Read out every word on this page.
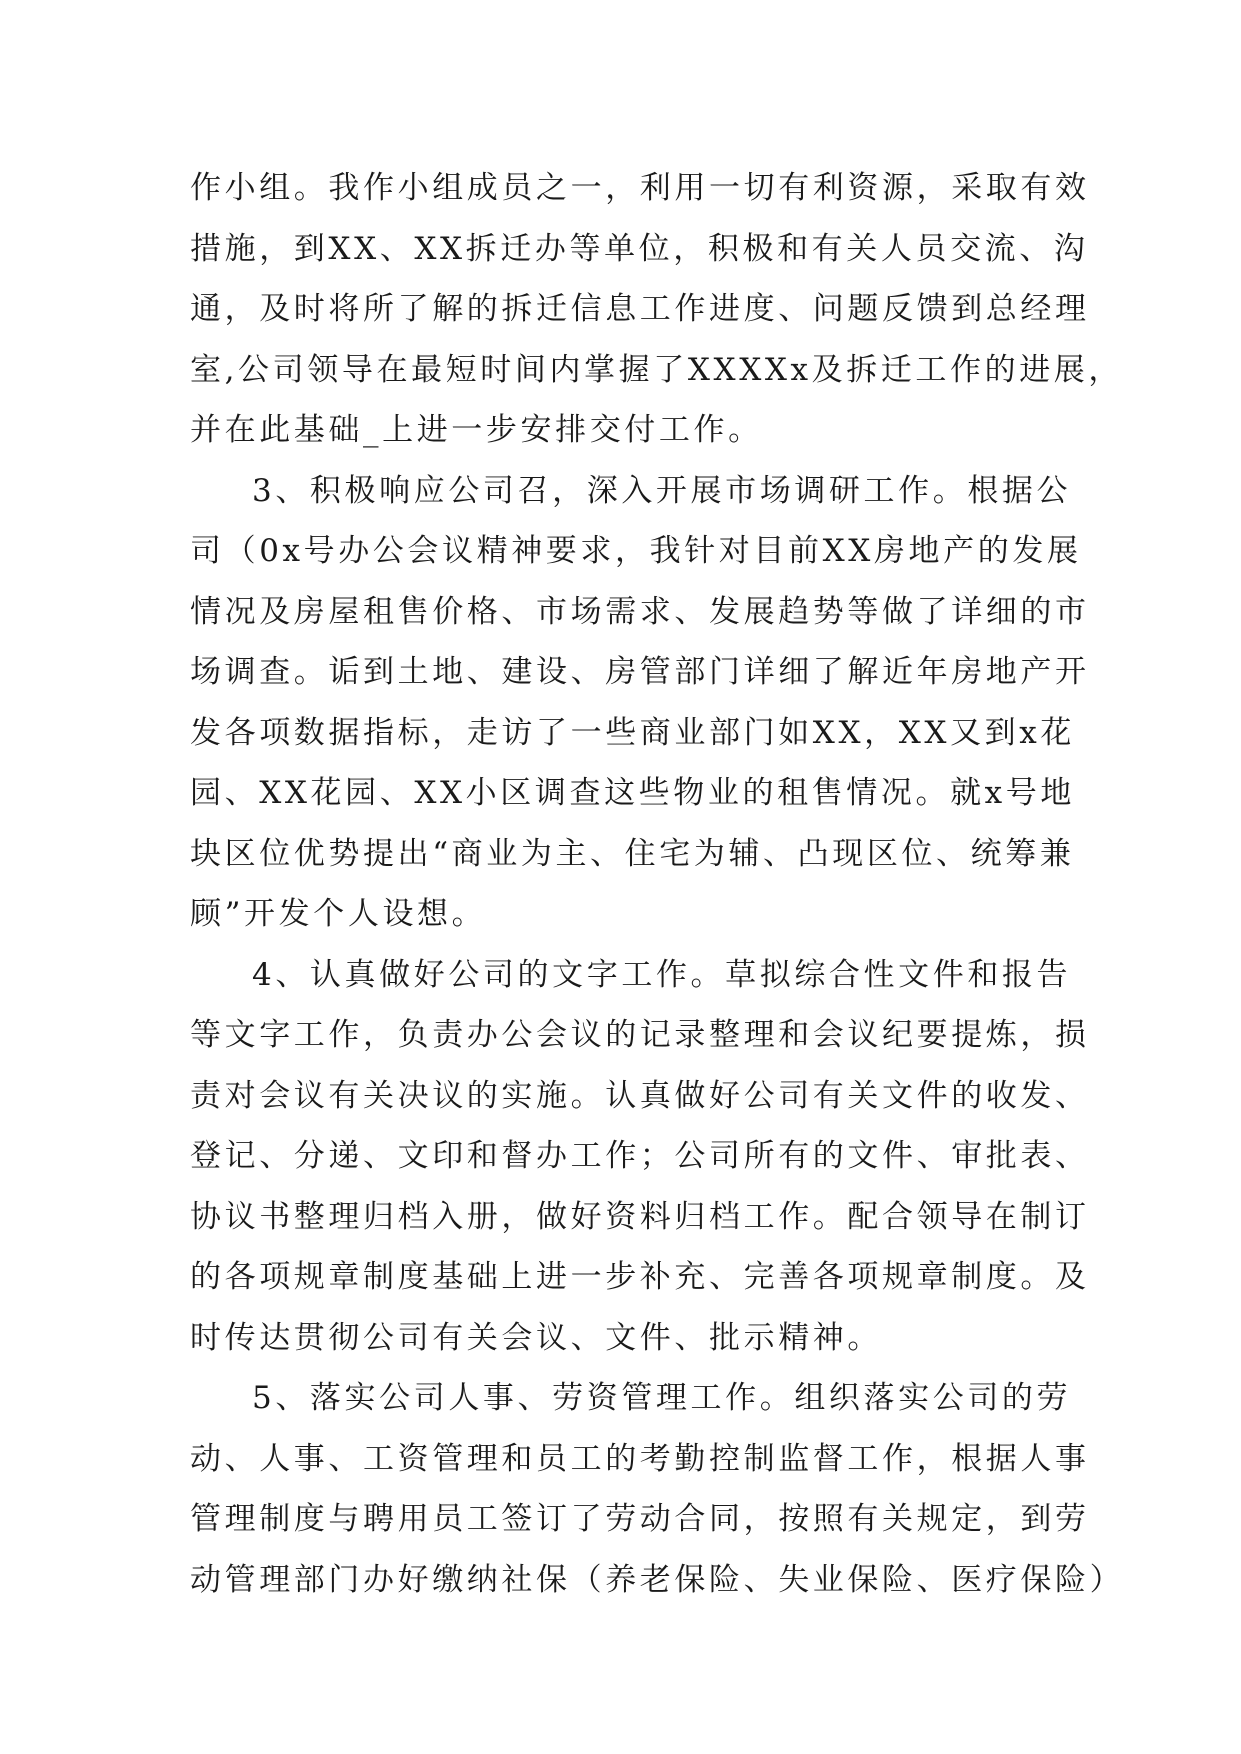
作小组。我作小组成员之一，利用一切有利资源，采取有效
措施，到XX、XX拆迁办等单位，积极和有关人员交流、沟
通，及时将所了解的拆迁信息工作进度、问题反馈到总经理
室,公司领导在最短时间内掌握了XXXXx及拆迁工作的进展，
并在此基础_上进一步安排交付工作。
3、积极响应公司召，深入开展市场调研工作。根据公
司（0x号办公会议精神要求，我针对目前XX房地产的发展
情况及房屋租售价格、市场需求、发展趋势等做了详细的市
场调查。诟到土地、建设、房管部门详细了解近年房地产开
发各项数据指标，走访了一些商业部门如XX，XX又到x花
园、XX花园、XX小区调查这些物业的租售情况。就x号地
块区位优势提出“商业为主、住宅为辅、凸现区位、统筹兼
顾”开发个人设想。
4、认真做好公司的文字工作。草拟综合性文件和报告
等文字工作，负责办公会议的记录整理和会议纪要提炼，损
责对会议有关决议的实施。认真做好公司有关文件的收发、
登记、分递、文印和督办工作；公司所有的文件、审批表、
协议书整理归档入册，做好资料归档工作。配合领导在制订
的各项规章制度基础上进一步补充、完善各项规章制度。及
时传达贯彻公司有关会议、文件、批示精神。
5、落实公司人事、劳资管理工作。组织落实公司的劳
动、人事、工资管理和员工的考勤控制监督工作，根据人事
管理制度与聘用员工签订了劳动合同，按照有关规定，到劳
动管理部门办好缴纳社保（养老保险、失业保险、医疗保险）
